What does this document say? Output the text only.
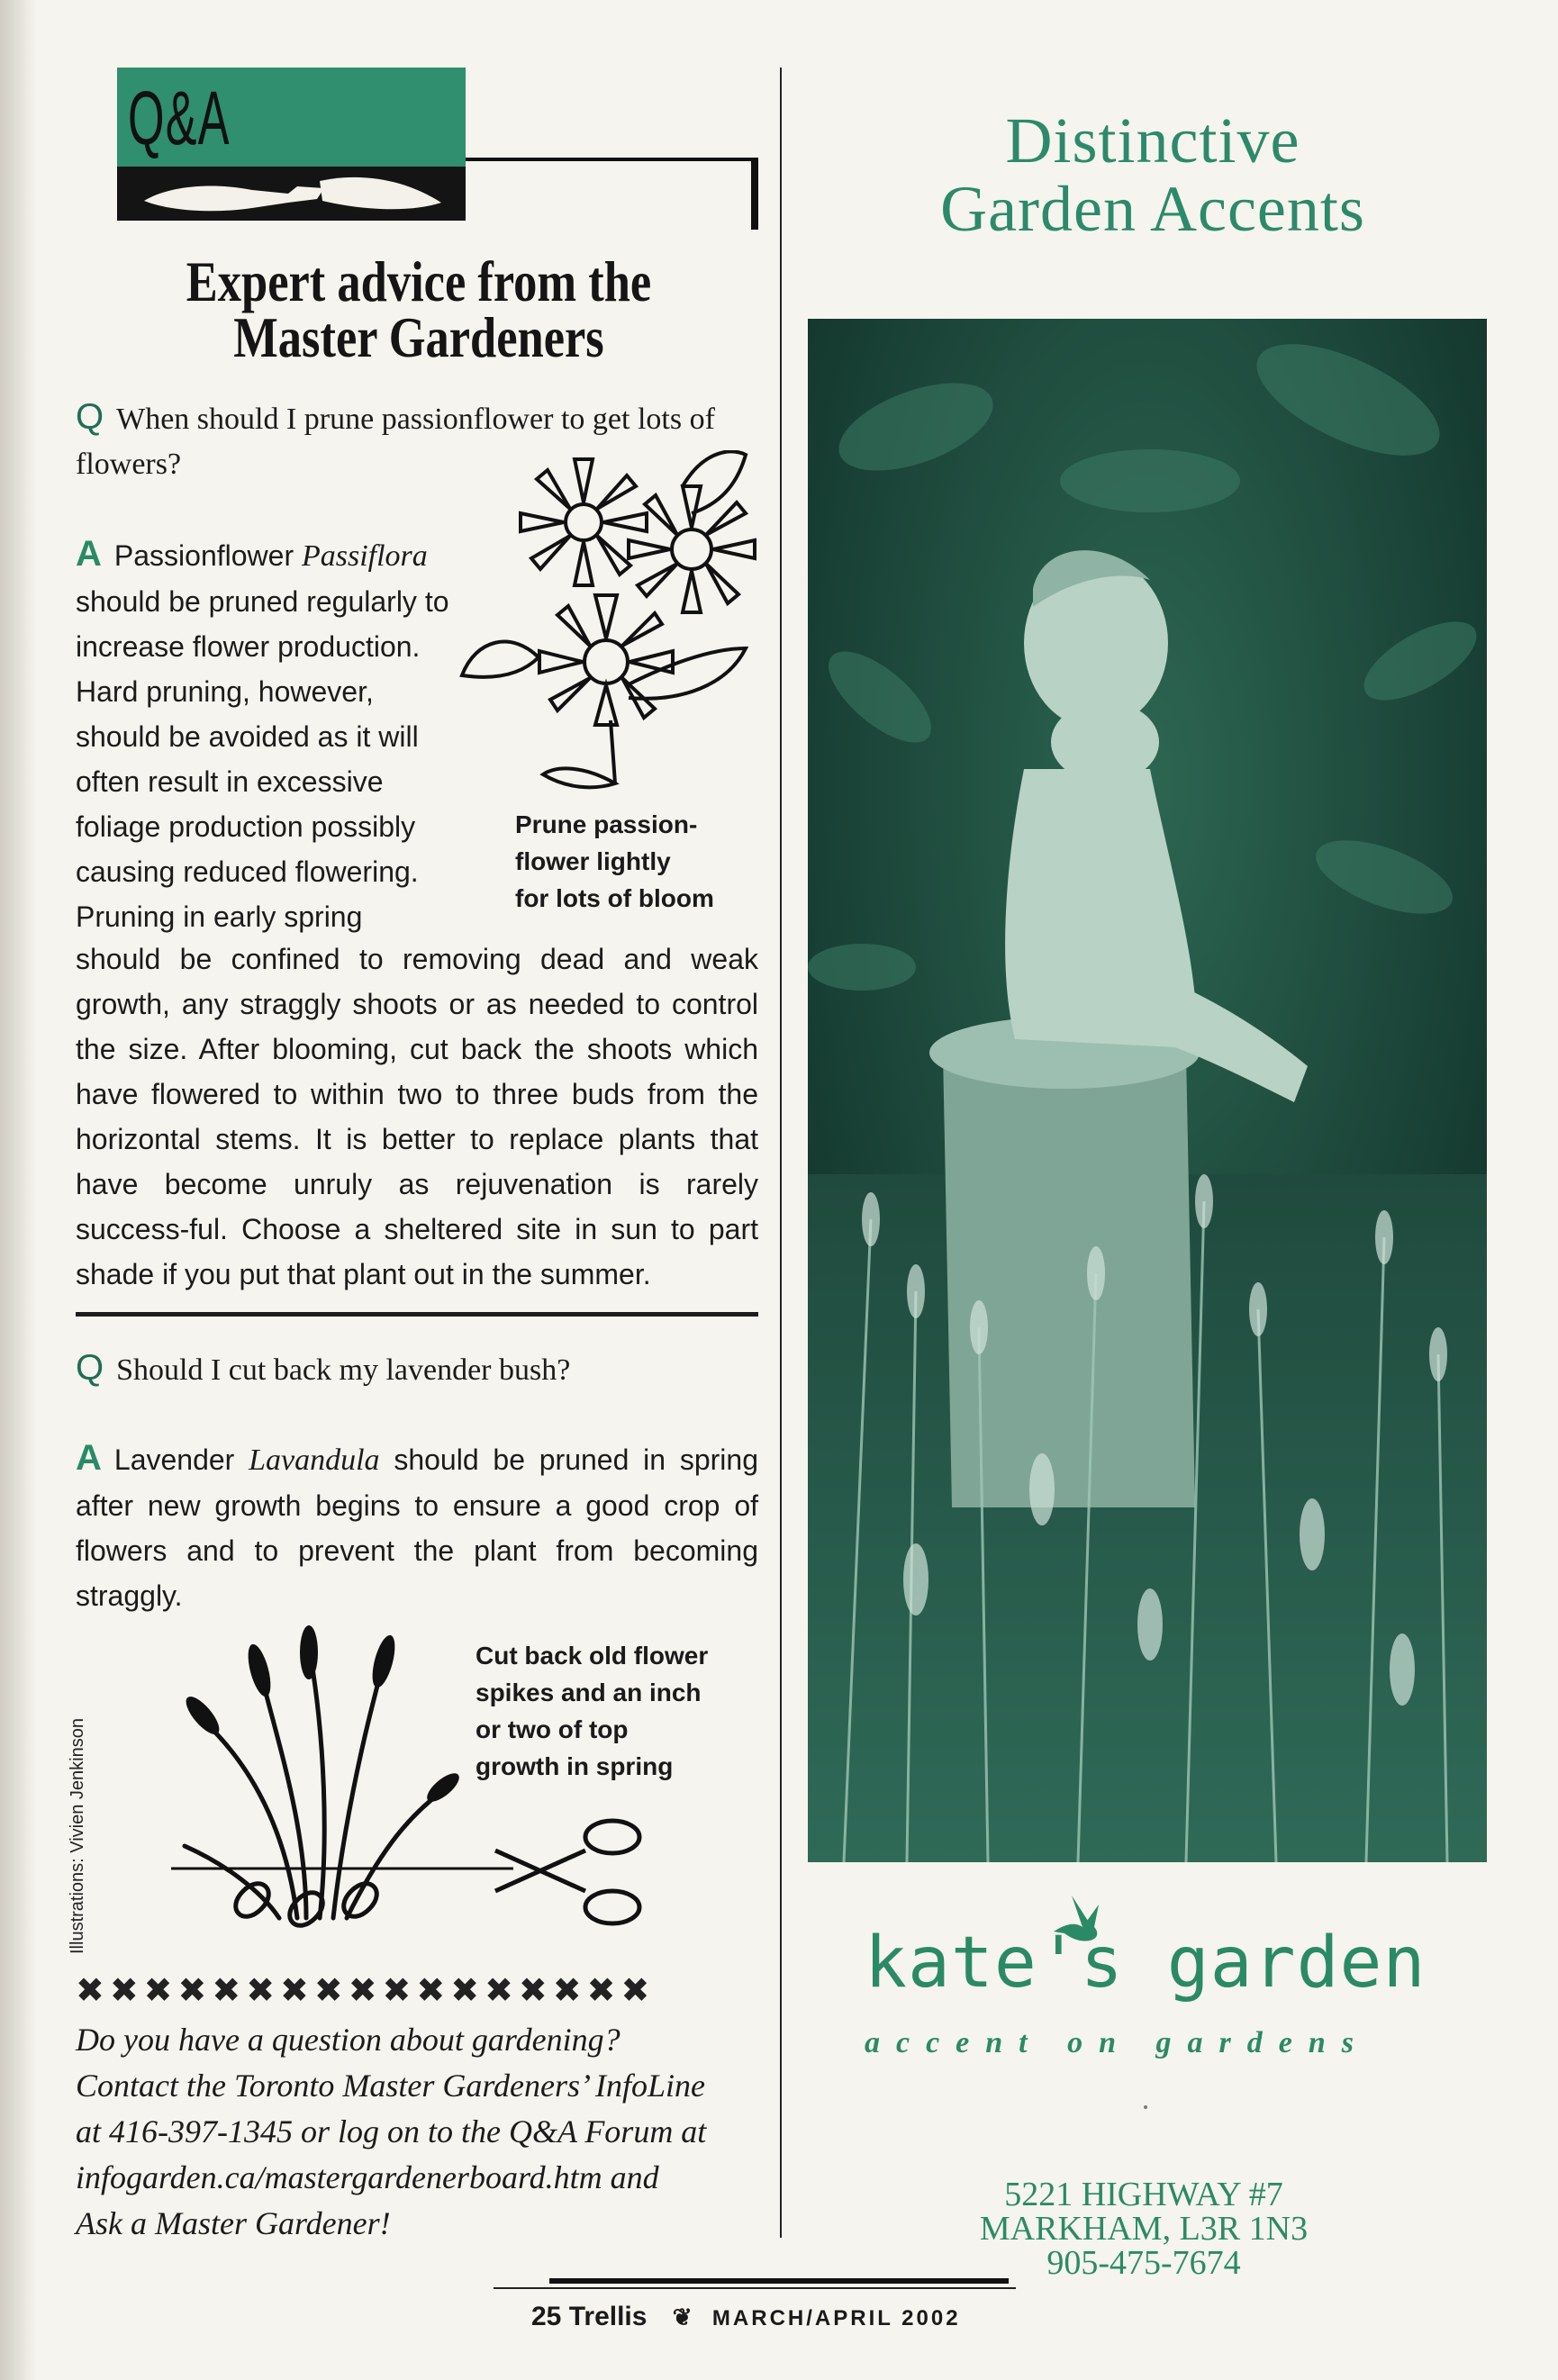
Q&A
Expert advice from the
Master Gardeners
Q When should I prune passionflower to get lots of flowers?

A Passionflower Passiflora

should be pruned regularly to

increase flower production.

Hard pruning, however,

should be avoided as it will

often result in excessive

foliage production possibly

causing reduced flowering.

Pruning in early spring

Prune passion-
flower lightly
for lots of bloom

should be confined to removing dead and weak growth, any straggly shoots or as needed to control the size. After blooming, cut back the shoots which have flowered to within two to three buds from the horizontal stems. It is better to replace plants that have become unruly as rejuvenation is rarely success-ful. Choose a sheltered site in sun to part shade if you put that plant out in the summer.

Q Should I cut back my lavender bush?

A Lavender Lavandula should be pruned in spring after new growth begins to ensure a good crop of flowers and to prevent the plant from becoming straggly.

Cut back old flower
spikes and an inch
or two of top
growth in spring
Illustrations: Vivien Jenkinson
✖✖✖✖✖✖✖✖✖✖✖✖✖✖✖✖✖
Do you have a question about gardening?
Contact the Toronto Master Gardeners’ InfoLine
at 416-397-1345 or log on to the Q&A Forum at
infogarden.ca/mastergardenerboard.htm and
Ask a Master Gardener!
Distinctive
Garden Accents
kate's garden
accent on gardens
5221 HIGHWAY #7
MARKHAM, L3R 1N3
905-475-7674
25 Trellis ❦ MARCH/APRIL 2002
